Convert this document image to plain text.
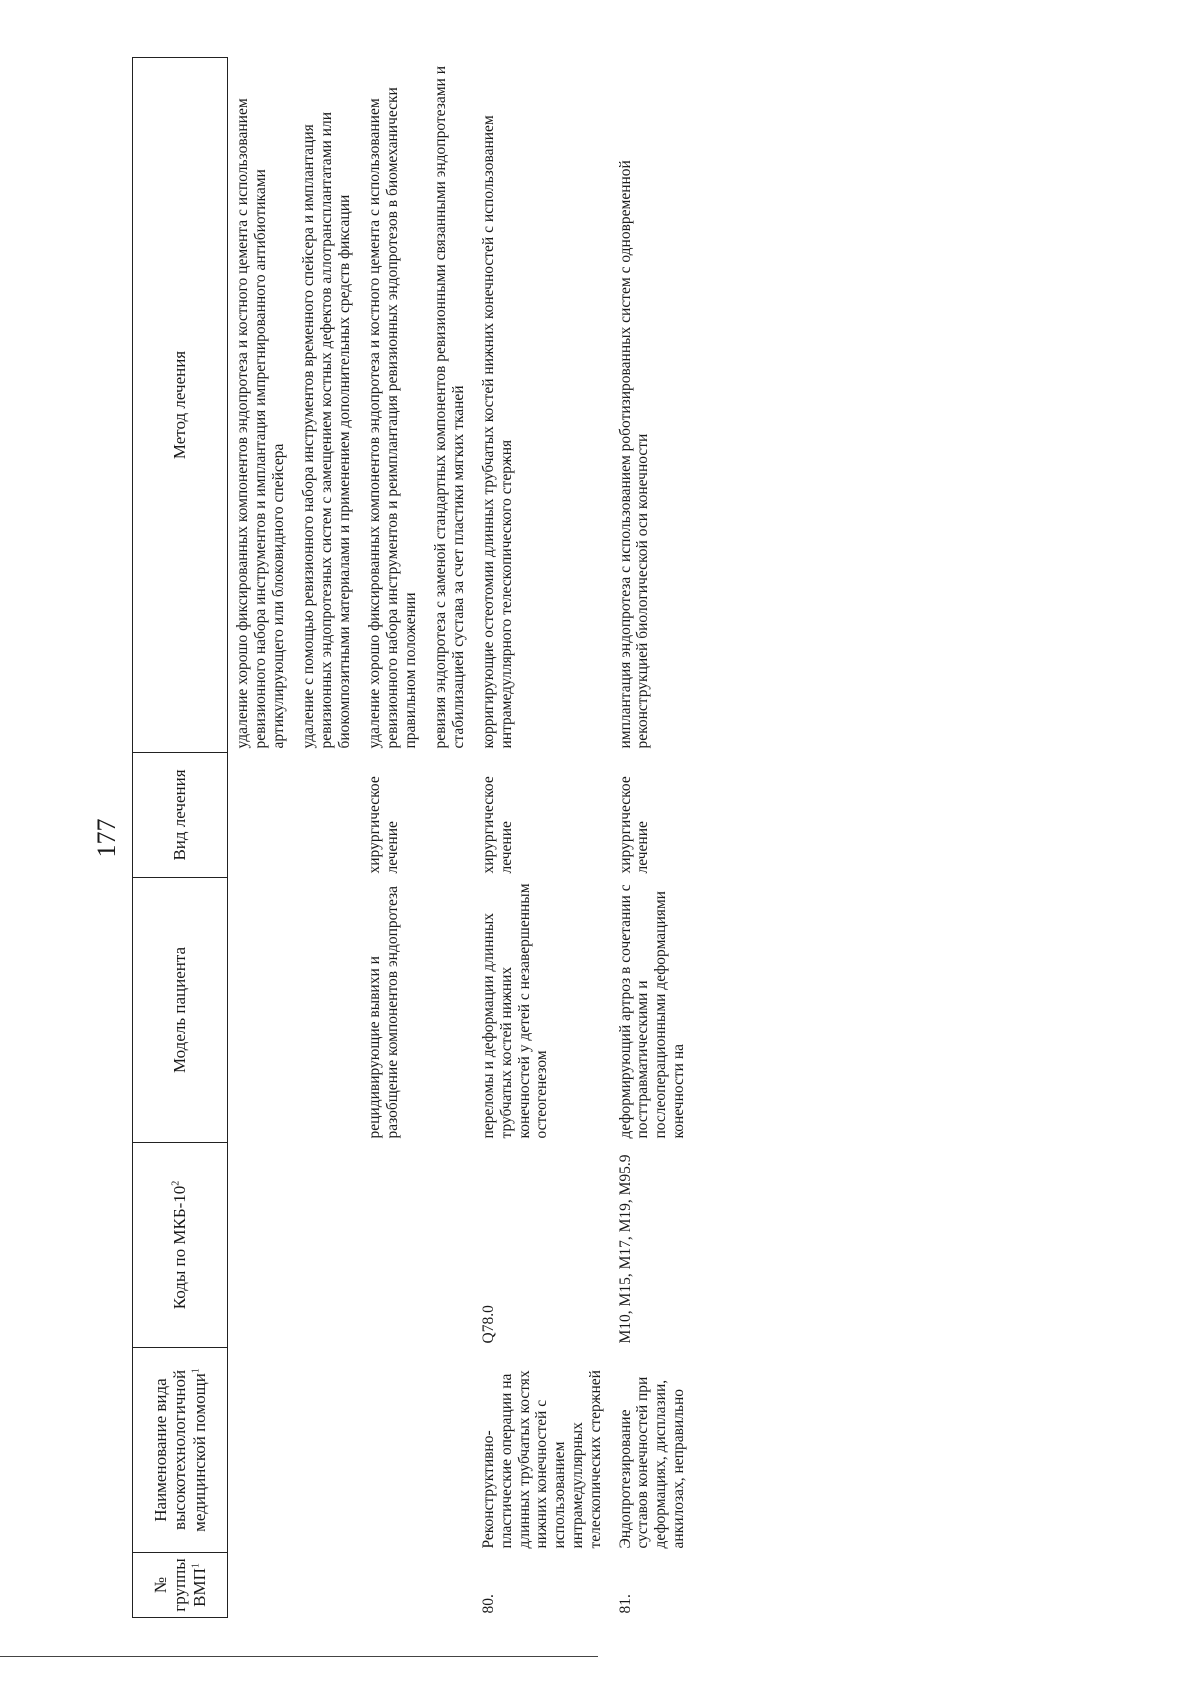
177
№ группы ВМП$^1$	Наименование вида высокотехнологичной медицинской помощи$^1$	Коды по МКБ-$10^2$	Модель пациента	Вид лечения	Метод лечения

					удаление хорошо фиксированных компонентов эндопротеза и костного цемента с использованием ревизионного набора инструментов и имплантация импрегнированного антибиотиками артикулирующего или блоковидного спейсера удаление с помощью ревизионного набора инструментов временного спейсера и имплантация ревизионных эндопротезных систем с замещением костных дефектов аллотрансплантатами или биокомпозитными материалами и применением дополнительных средств фиксации

			рецидивирующие вывихи и разобщение компонентов эндопротеза	хирургическое лечение	удаление хорошо фиксированных компонентов эндопротеза и костного цемента с использованием ревизионного набора инструментов и реимплантация ревизионных эндопротезов в биомеханически правильном положении ревизия эндопротеза с заменой стандартных компонентов ревизионными связанными эндопротезами и стабилизацией сустава за счет пластики мягких тканей

80.	Реконструктивно-пластические операции на длинных трубчатых костях нижних конечностей с использованием интрамедуллярных телескопических стержней	Q78.0	переломы и деформации длинных трубчатых костей нижних конечностей у детей с незавершенным остеогенезом	хирургическое лечение	корригирующие остеотомии длинных трубчатых костей нижних конечностей с использованием интрамедуллярного телескопического стержня

81.	Эндопротезирование суставов конечностей при деформациях, дисплазии, анкилозах, неправильно	M10, M15, M17, M19, M95.9	деформирующий артроз в сочетании с посттравматическими и послеоперационными деформациями конечности на	хирургическое лечение	имплантация эндопротеза с использованием роботизированных систем с одновременной реконструкцией биологической оси конечности
